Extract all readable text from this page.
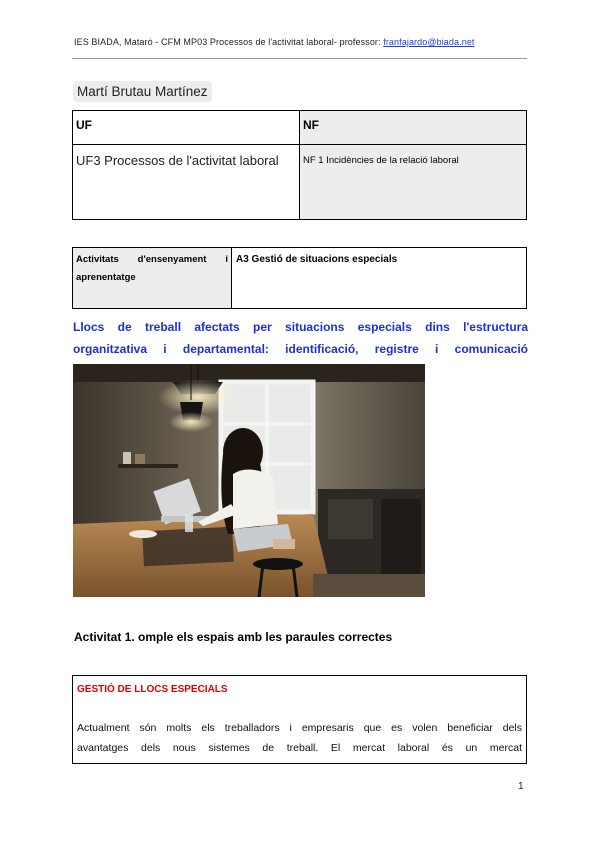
IES BIADA, Mataró - CFM MP03 Processos de l'activitat laboral- professor: franfajardo@biada.net
Martí Brutau Martínez
UF	NF
UF3 Processos de l'activitat laboral	NF 1 Incidències de la relació laboral
Activitats d'ensenyament i aprenentatge	A3 Gestió de situacions especials
Llocs de treball afectats per situacions especials dins l'estructura
organitzativa i departamental: identificació, registre i comunicació
Activitat 1. omple els espais amb les paraules correctes
GESTIÓ DE LLOCS ESPECIALS
Actualment són molts els treballadors i empresaris que es volen beneficiar dels
avantatges dels nous sistemes de treball. El mercat laboral és un mercat
1
